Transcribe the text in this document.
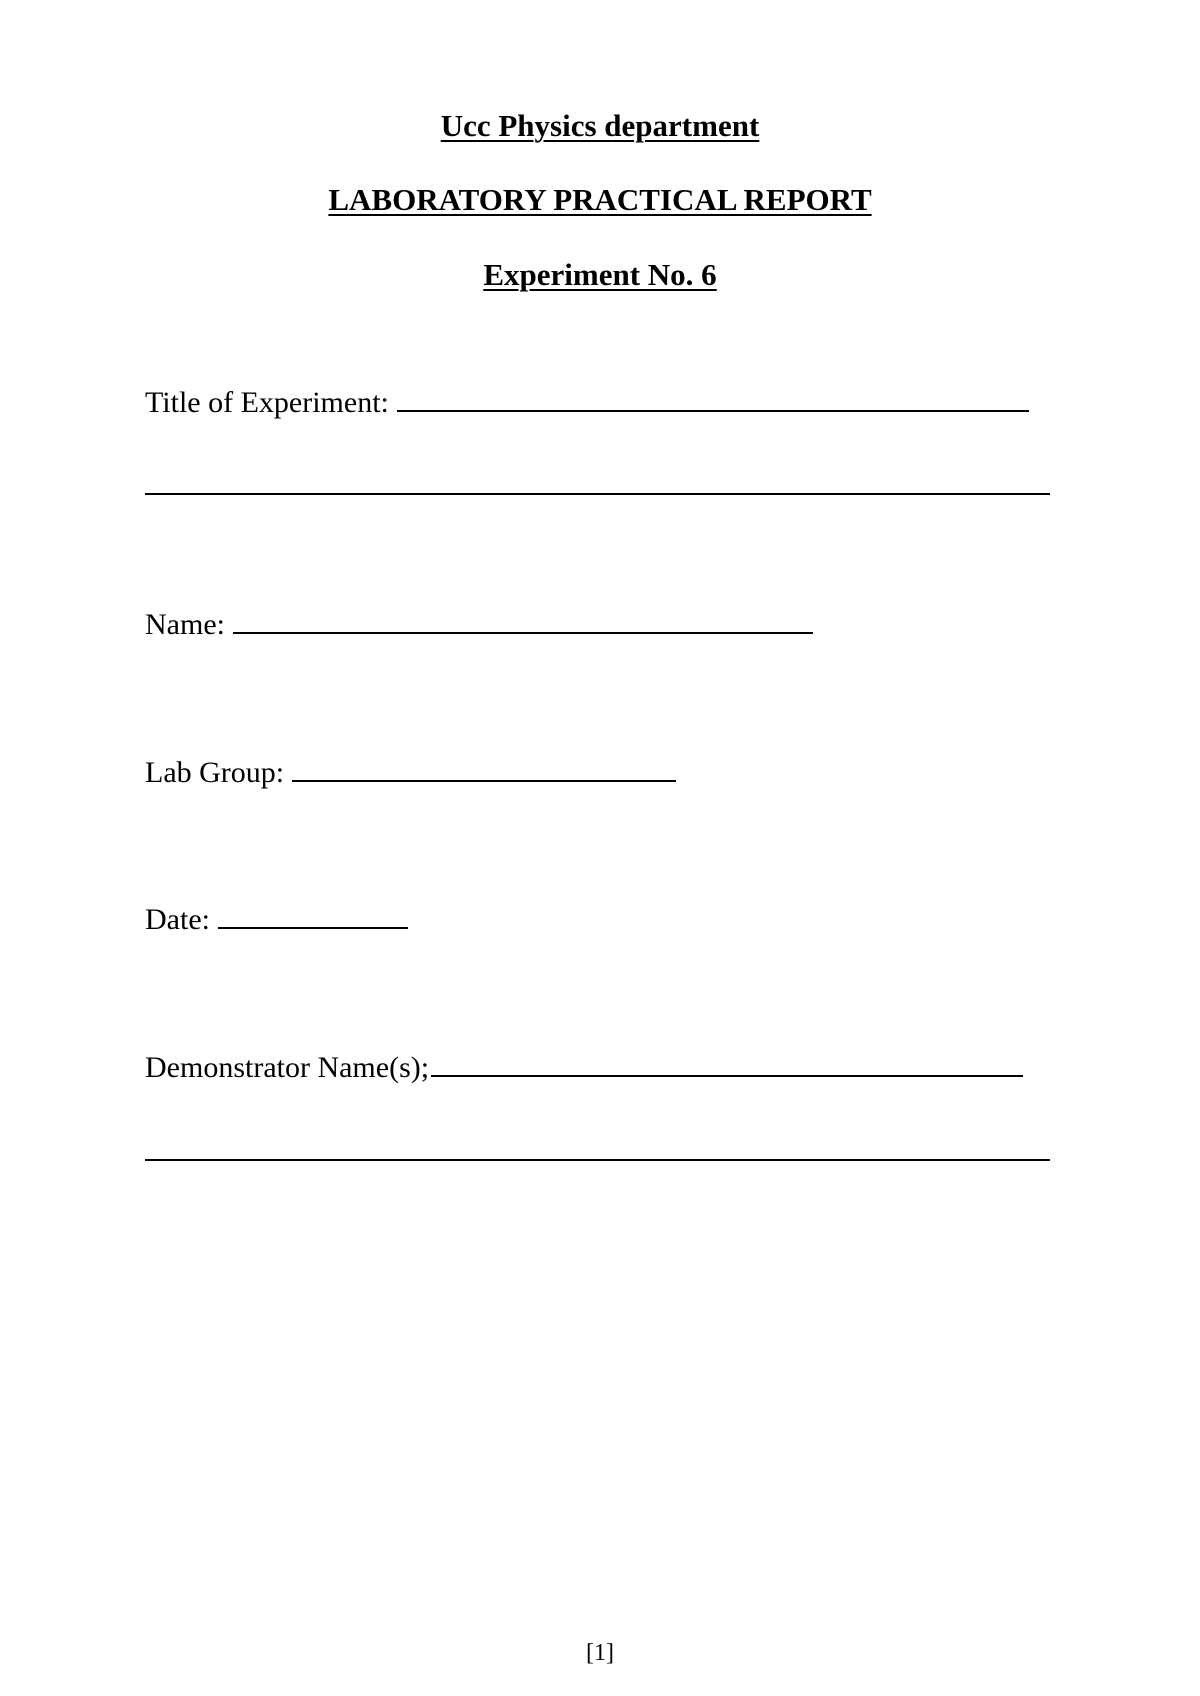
Ucc Physics department
LABORATORY PRACTICAL REPORT
Experiment No. 6
Title of Experiment:
Name:
Lab Group:
Date:
Demonstrator Name(s);
[1]
